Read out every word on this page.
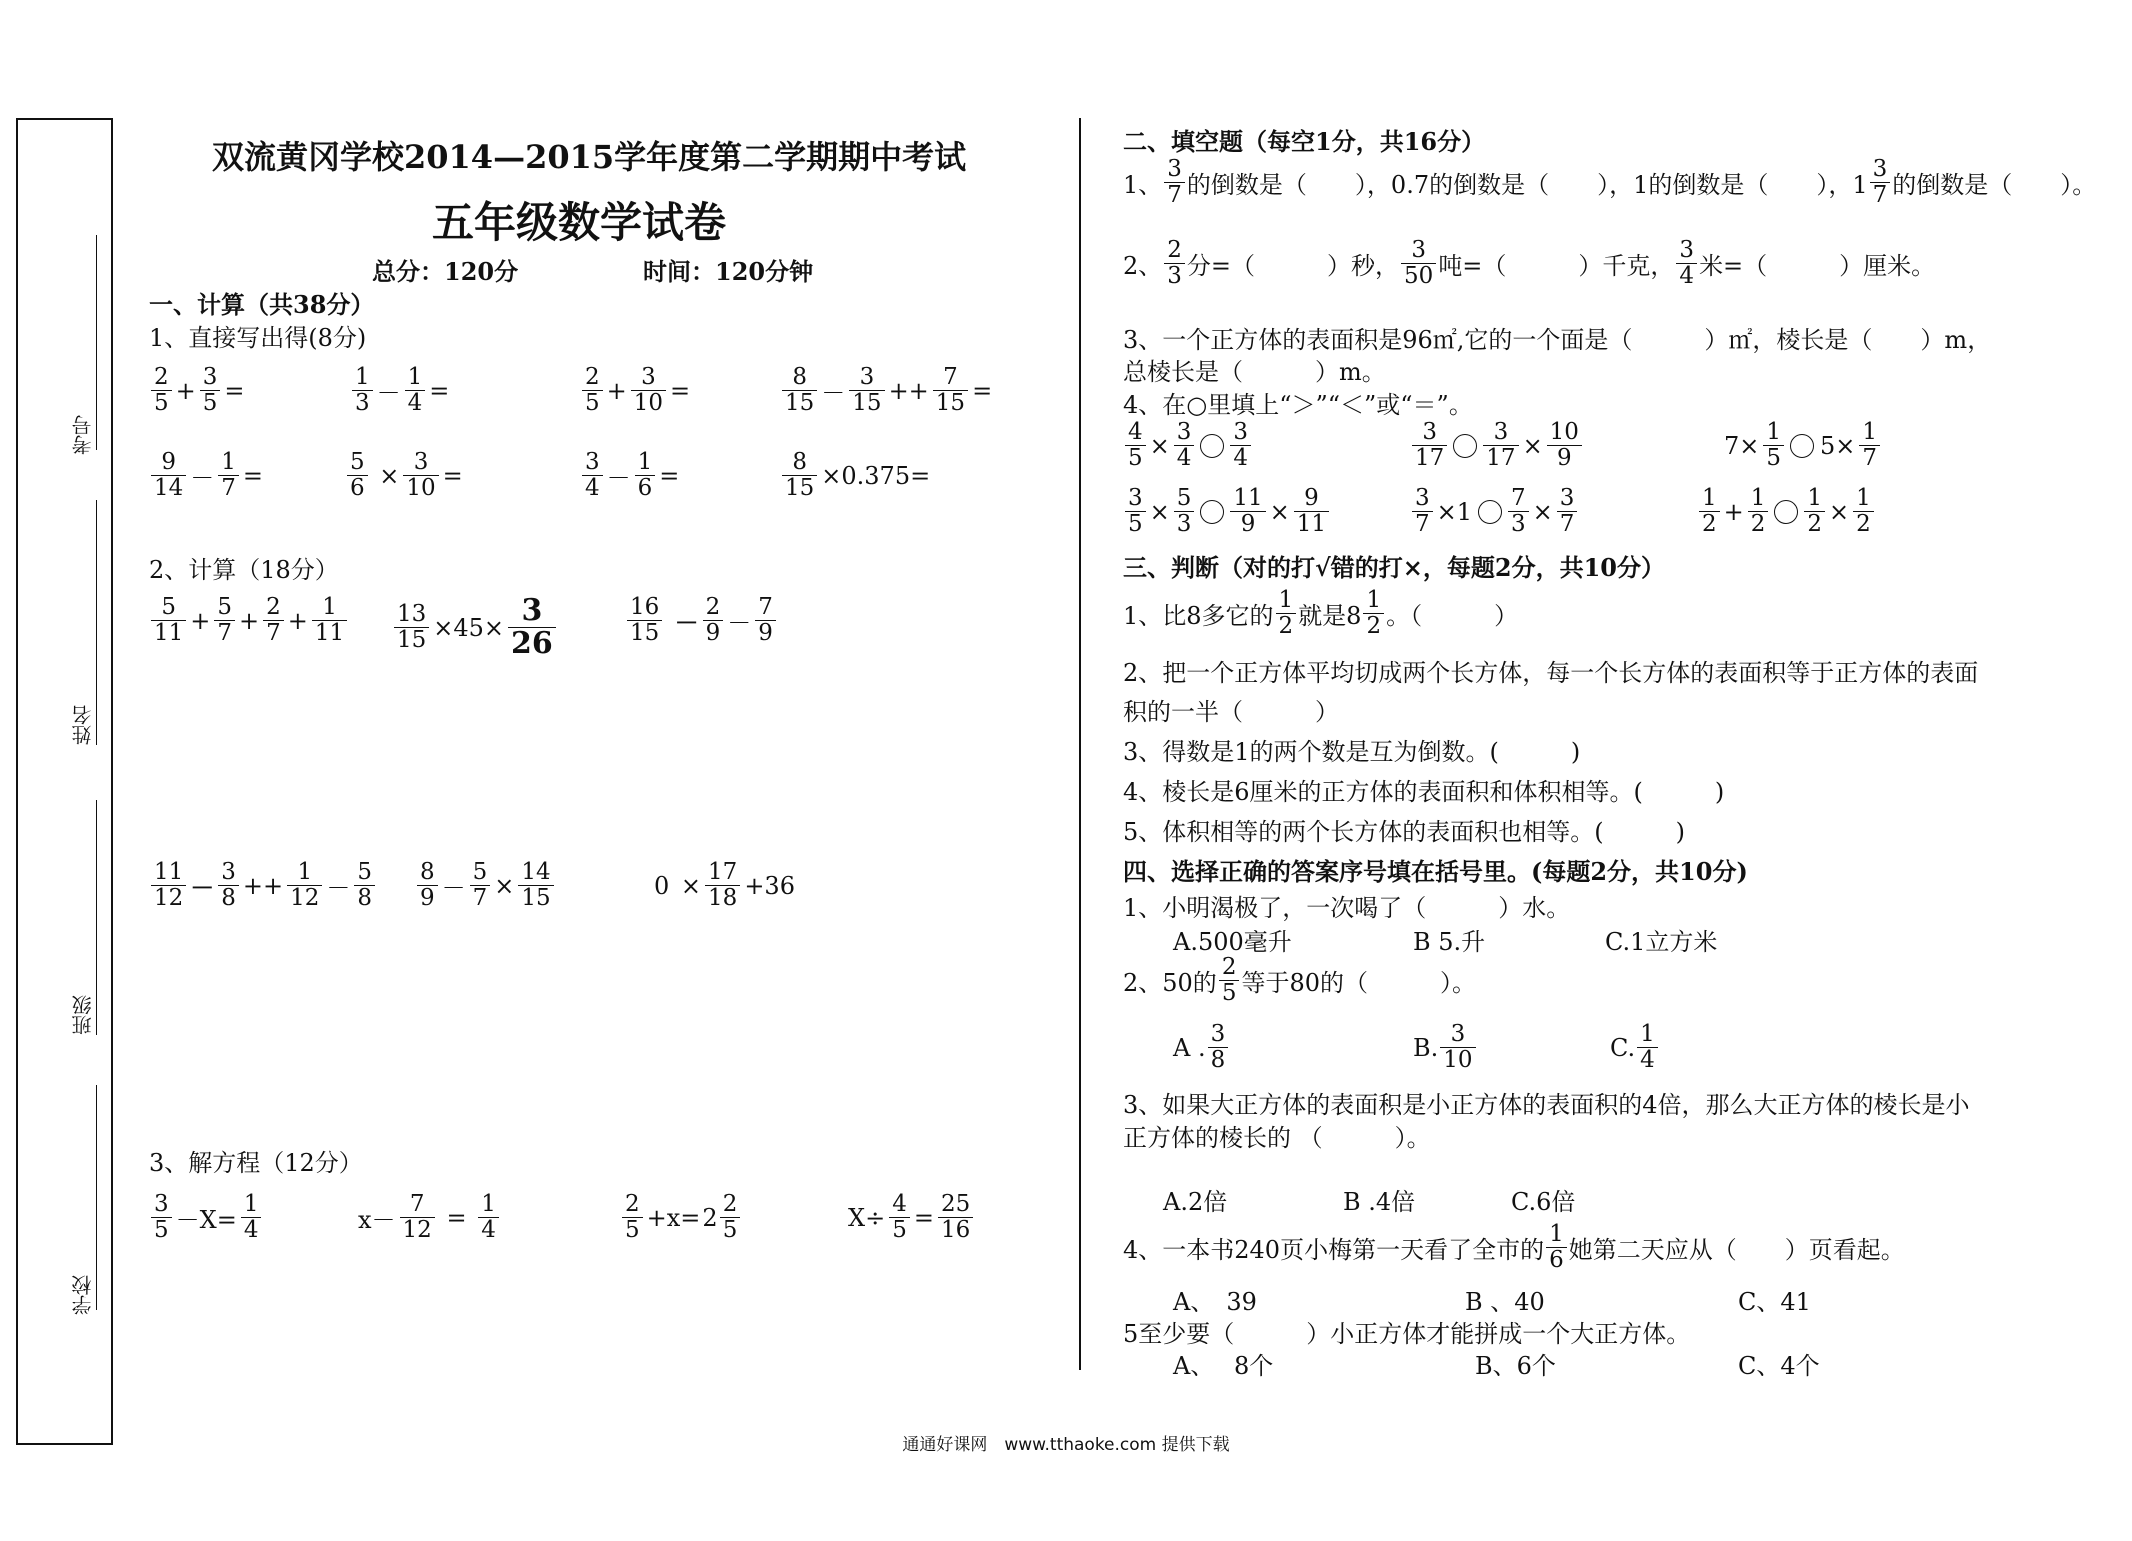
考号
姓名
班级
学校
双流黄冈学校2014—2015学年度第二学期期中考试
五年级数学试卷
总分：120分	时间：120分钟
一、计算（共38分）
1、直接写出得(8分)
$\frac{2}{5} + \frac{3}{5}$ =	$\frac{1}{3} - \frac{1}{4}$ =	$\frac{2}{5} + \frac{3}{10}$ =	$\frac{8}{15} - \frac{3}{15} ++ \frac{7}{15}$ =
$\frac{9}{14} - \frac{1}{7}$ =	$\frac{5}{6} \times \frac{3}{10}$ =	$\frac{3}{4} - \frac{1}{6}$ =	$\frac{8}{15} \times 0.375=$
2、计算（18分）
$\frac{5}{11} + \frac{5}{7} + \frac{2}{7} + \frac{1}{11} \frac{13}{15} \times 45\times \frac{3}{26}$	$\frac{16}{15} - \frac{2}{9} - \frac{7}{9}$
$\frac{11}{12} - \frac{3}{8} ++ \frac{1}{12} - \frac{5}{8} \frac{8}{9} - \frac{5}{7} \times \frac{14}{15}$	$0 \times \frac{17}{18} +36$
3、解方程（12分）
$\frac{3}{5} -X= \frac{1}{4}$	$x- \frac{7}{12} = \frac{1}{4}$	$\frac{2}{5} +x= 2 \frac{2}{5}$	$X\div \frac{4}{5} = \frac{25}{16}$
二、填空题（每空1分，共16分）
1、 $\frac{3}{7}$ 的倒数是（　　），0.7的倒数是（　　），1的倒数是（　　），$1 \frac{3}{7}$ 的倒数是（　　）。
2、 $\frac{2}{3}$ 分=（　　　）秒， $\frac{3}{50}$ 吨=（　　　）千克， $\frac{3}{4}$ 米=（　　　）厘米。
3、一个正方体的表面积是96㎡,它的一个面是（　　　）㎡，棱长是（　　）m，
总棱长是（　　　）m。
4、在○里填上“＞”“＜”或“＝”。
$\frac{4}{5} \times \frac{3}{4} \frac{3}{4}$	$\frac{3}{17} \frac{3}{17} \times \frac{10}{9}$	$7\times \frac{1}{5} 5\times \frac{1}{7}$
$\frac{3}{5} \times \frac{5}{3} \frac{11}{9} \times \frac{9}{11}$	$\frac{3}{7} \times 1 \frac{7}{3} \times \frac{3}{7}$	$\frac{1}{2} + \frac{1}{2} \frac{1}{2} \times \frac{1}{2}$
三、判断（对的打√错的打×，每题2分，共10分）
1、比8多它的 $\frac{1}{2}$ 就是$8 \frac{1}{2}$ 。（　　　）
2、把一个正方体平均切成两个长方体，每一个长方体的表面积等于正方体的表面
积的一半（　　　）
3、得数是1的两个数是互为倒数。(　　　)
4、棱长是6厘米的正方体的表面积和体积相等。(　　　)
5、体积相等的两个长方体的表面积也相等。(　　　)
四、选择正确的答案序号填在括号里。(每题2分，共10分)
1、小明渴极了，一次喝了（　　　）水。
A.500毫升	B 5.升	C.1立方米
2、50的 $\frac{2}{5}$ 等于80的（　　　）。
A . $\frac{3}{8}$	B. $\frac{3}{10}$	C. $\frac{1}{4}$
3、如果大正方体的表面积是小正方体的表面积的4倍，那么大正方体的棱长是小
正方体的棱长的 （　　　）。
A.2倍	B .4倍	C.6倍
4、一本书240页小梅第一天看了全市的 $\frac{1}{6}$ 她第二天应从（　　）页看起。
A、　39	B 、40	C、41
5至少要（　　　）小正方体才能拼成一个大正方体。
A、　 8个	B、6个	C、4个
通通好课网　www.tthaoke.com 提供下载
